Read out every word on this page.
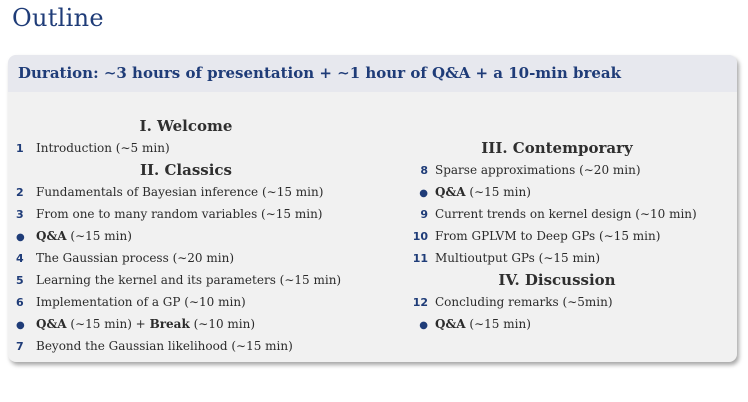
Outline
Duration: ∼3 hours of presentation + ∼1 hour of Q&A + a 10-min break
I. Welcome
1 Introduction (∼5 min)
II. Classics
2 Fundamentals of Bayesian inference (∼15 min)
3 From one to many random variables (∼15 min)
● Q&A (∼15 min)
4 The Gaussian process (∼20 min)
5 Learning the kernel and its parameters (∼15 min)
6 Implementation of a GP (∼10 min)
● Q&A (∼15 min) + Break (∼10 min)
7 Beyond the Gaussian likelihood (∼15 min)
III. Contemporary
8 Sparse approximations (∼20 min)
● Q&A (∼15 min)
9 Current trends on kernel design (∼10 min)
10 From GPLVM to Deep GPs (∼15 min)
11 Multioutput GPs (∼15 min)
IV. Discussion
12 Concluding remarks (∼5min)
● Q&A (∼15 min)
